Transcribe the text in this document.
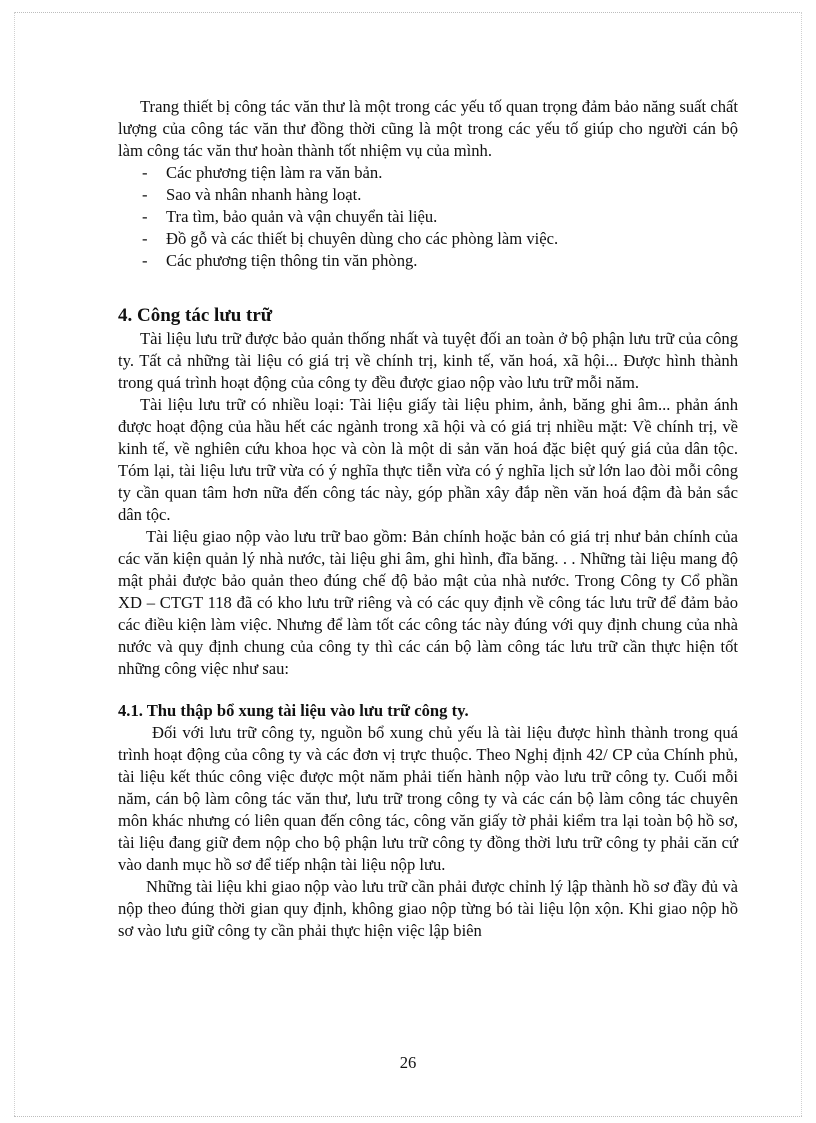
Trang thiết bị công tác văn thư là một trong các yếu tố quan trọng đảm bảo năng suất chất lượng của công tác văn thư đồng thời cũng là một trong các yếu tố giúp cho người cán bộ làm công tác văn thư hoàn thành tốt nhiệm vụ của mình.

- Các phương tiện làm ra văn bản.
- Sao và nhân nhanh hàng loạt.
- Tra tìm, bảo quản và vận chuyển tài liệu.
- Đồ gỗ và các thiết bị chuyên dùng cho các phòng làm việc.
- Các phương tiện thông tin văn phòng.
4. Công tác lưu trữ

Tài liệu lưu trữ được bảo quản thống nhất và tuyệt đối an toàn ở bộ phận lưu trữ của công ty. Tất cả những tài liệu có giá trị về chính trị, kinh tế, văn hoá, xã hội... Được hình thành trong quá trình hoạt động của công ty đều được giao nộp vào lưu trữ mỗi năm.

Tài liệu lưu trữ có nhiều loại: Tài liệu giấy tài liệu phim, ảnh, băng ghi âm... phản ánh được hoạt động của hầu hết các ngành trong xã hội và có giá trị nhiều mặt: Về chính trị, về kinh tế, về nghiên cứu khoa học và còn là một di sản văn hoá đặc biệt quý giá của dân tộc. Tóm lại, tài liệu lưu trữ vừa có ý nghĩa thực tiễn vừa có ý nghĩa lịch sử lớn lao đòi mỗi công ty cần quan tâm hơn nữa đến công tác này, góp phần xây đắp nền văn hoá đậm đà bản sắc dân tộc.

Tài liệu giao nộp vào lưu trữ bao gồm: Bản chính hoặc bản có giá trị như bản chính của các văn kiện quản lý nhà nước, tài liệu ghi âm, ghi hình, đĩa băng. . . Những tài liệu mang độ mật phải được bảo quản theo đúng chế độ bảo mật của nhà nước. Trong Công ty Cổ phần XD – CTGT 118 đã có kho lưu trữ riêng và có các quy định về công tác lưu trữ để đảm bảo các điều kiện làm việc. Nhưng để làm tốt các công tác này đúng với quy định chung của nhà nước và quy định chung của công ty thì các cán bộ làm công tác lưu trữ cần thực hiện tốt những công việc như sau:

4.1. Thu thập bổ xung tài liệu vào lưu trữ công ty.

Đối với lưu trữ công ty, nguồn bổ xung chủ yếu là tài liệu được hình thành trong quá trình hoạt động của công ty và các đơn vị trực thuộc. Theo Nghị định 42/ CP của Chính phủ, tài liệu kết thúc công việc được một năm phải tiến hành nộp vào lưu trữ công ty. Cuối mỗi năm, cán bộ làm công tác văn thư, lưu trữ trong công ty và các cán bộ làm công tác chuyên môn khác nhưng có liên quan đến công tác, công văn giấy tờ phải kiểm tra lại toàn bộ hồ sơ, tài liệu đang giữ đem nộp cho bộ phận lưu trữ công ty đồng thời lưu trữ công ty phải căn cứ vào danh mục hồ sơ để tiếp nhận tài liệu nộp lưu.

Những tài liệu khi giao nộp vào lưu trữ cần phải được chỉnh lý lập thành hồ sơ đầy đủ và nộp theo đúng thời gian quy định, không giao nộp từng bó tài liệu lộn xộn. Khi giao nộp hồ sơ vào lưu giữ công ty cần phải thực hiện việc lập biên

26
